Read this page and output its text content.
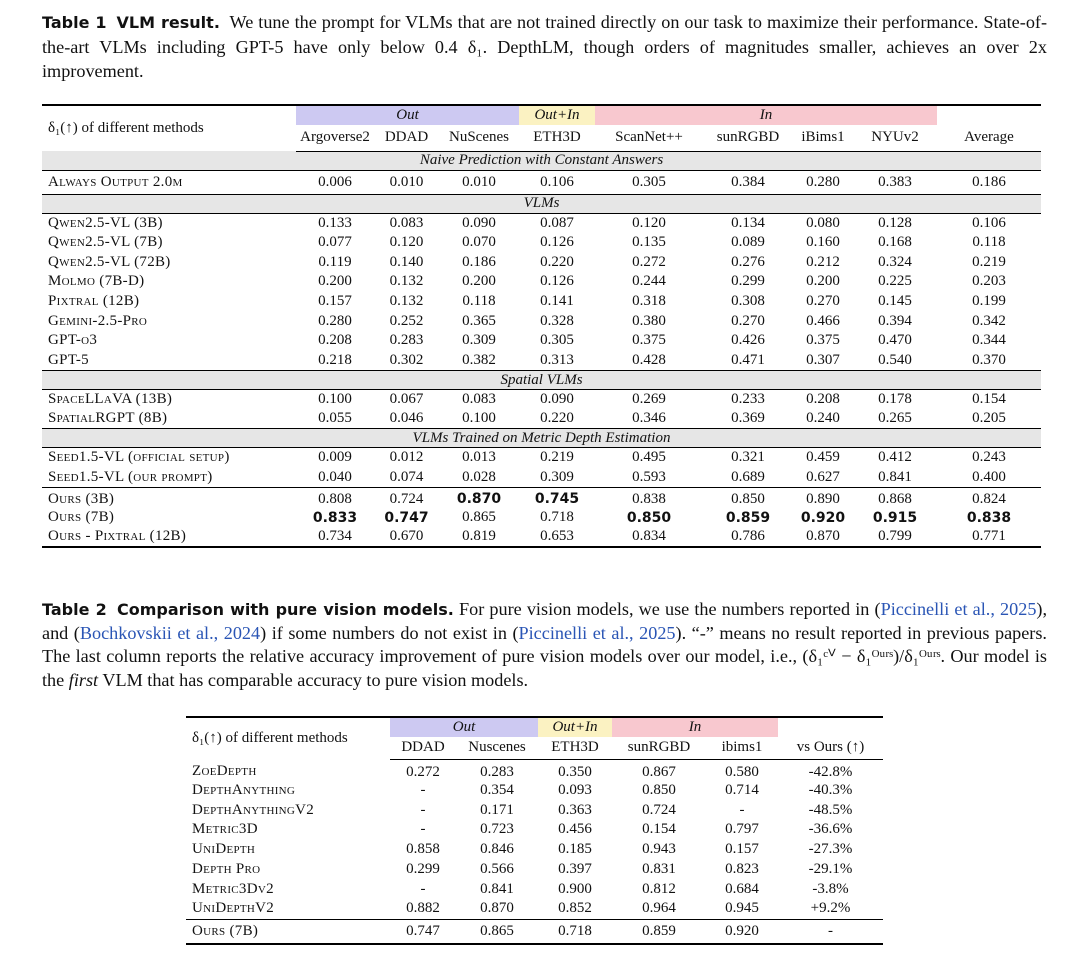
Table 1 VLM result. We tune the prompt for VLMs that are not trained directly on our task to maximize their performance. State-of-the-art VLMs including GPT-5 have only below 0.4 δ₁. DepthLM, though orders of magnitudes smaller, achieves an over 2x improvement.
δ₁(↑) of different methods	Out			Out+In	In				
	Argoverse2	DDAD	NuScenes	ETH3D	ScanNet++	sunRGBD	iBims1	NYUv2	Average
Naive Prediction with Constant Answers									
Always Output 2.0m	0.006	0.010	0.010	0.106	0.305	0.384	0.280	0.383	0.186
VLMs									
Qwen2.5-VL (3B)	0.133	0.083	0.090	0.087	0.120	0.134	0.080	0.128	0.106
Qwen2.5-VL (7B)	0.077	0.120	0.070	0.126	0.135	0.089	0.160	0.168	0.118
Qwen2.5-VL (72B)	0.119	0.140	0.186	0.220	0.272	0.276	0.212	0.324	0.219
Molmo (7B-D)	0.200	0.132	0.200	0.126	0.244	0.299	0.200	0.225	0.203
Pixtral (12B)	0.157	0.132	0.118	0.141	0.318	0.308	0.270	0.145	0.199
Gemini-2.5-Pro	0.280	0.252	0.365	0.328	0.380	0.270	0.466	0.394	0.342
GPT-o3	0.208	0.283	0.309	0.305	0.375	0.426	0.375	0.470	0.344
GPT-5	0.218	0.302	0.382	0.313	0.428	0.471	0.307	0.540	0.370
Spatial VLMs									
SpaceLLaVA (13B)	0.100	0.067	0.083	0.090	0.269	0.233	0.208	0.178	0.154
SpatialRGPT (8B)	0.055	0.046	0.100	0.220	0.346	0.369	0.240	0.265	0.205
VLMs Trained on Metric Depth Estimation									
Seed1.5-VL (official setup)	0.009	0.012	0.013	0.219	0.495	0.321	0.459	0.412	0.243
Seed1.5-VL (our prompt)	0.040	0.074	0.028	0.309	0.593	0.689	0.627	0.841	0.400
Ours (3B)	0.808	0.724	0.870	0.745	0.838	0.850	0.890	0.868	0.824
Ours (7B)	0.833	0.747	0.865	0.718	0.850	0.859	0.920	0.915	0.838
Ours - Pixtral (12B)	0.734	0.670	0.819	0.653	0.834	0.786	0.870	0.799	0.771
Table 2 Comparison with pure vision models. For pure vision models, we use the numbers reported in (Piccinelli et al., 2025), and (Bochkovskii et al., 2024) if some numbers do not exist in (Piccinelli et al., 2025). “-” means no result reported in previous papers. The last column reports the relative accuracy improvement of pure vision models over our model, i.e., (δ₁ᶜⱽ − δ₁ᴼᵘʳˢ)/δ₁ᴼᵘʳˢ. Our model is the first VLM that has comparable accuracy to pure vision models.
δ₁(↑) of different methods	Out		Out+In	In		
	DDAD	Nuscenes	ETH3D	sunRGBD	ibims1	vs Ours (↑)
ZoeDepth	0.272	0.283	0.350	0.867	0.580	-42.8%
DepthAnything	-	0.354	0.093	0.850	0.714	-40.3%
DepthAnythingV2	-	0.171	0.363	0.724	-	-48.5%
Metric3D	-	0.723	0.456	0.154	0.797	-36.6%
UniDepth	0.858	0.846	0.185	0.943	0.157	-27.3%
Depth Pro	0.299	0.566	0.397	0.831	0.823	-29.1%
Metric3Dv2	-	0.841	0.900	0.812	0.684	-3.8%
UniDepthV2	0.882	0.870	0.852	0.964	0.945	+9.2%
Ours (7B)	0.747	0.865	0.718	0.859	0.920	-
